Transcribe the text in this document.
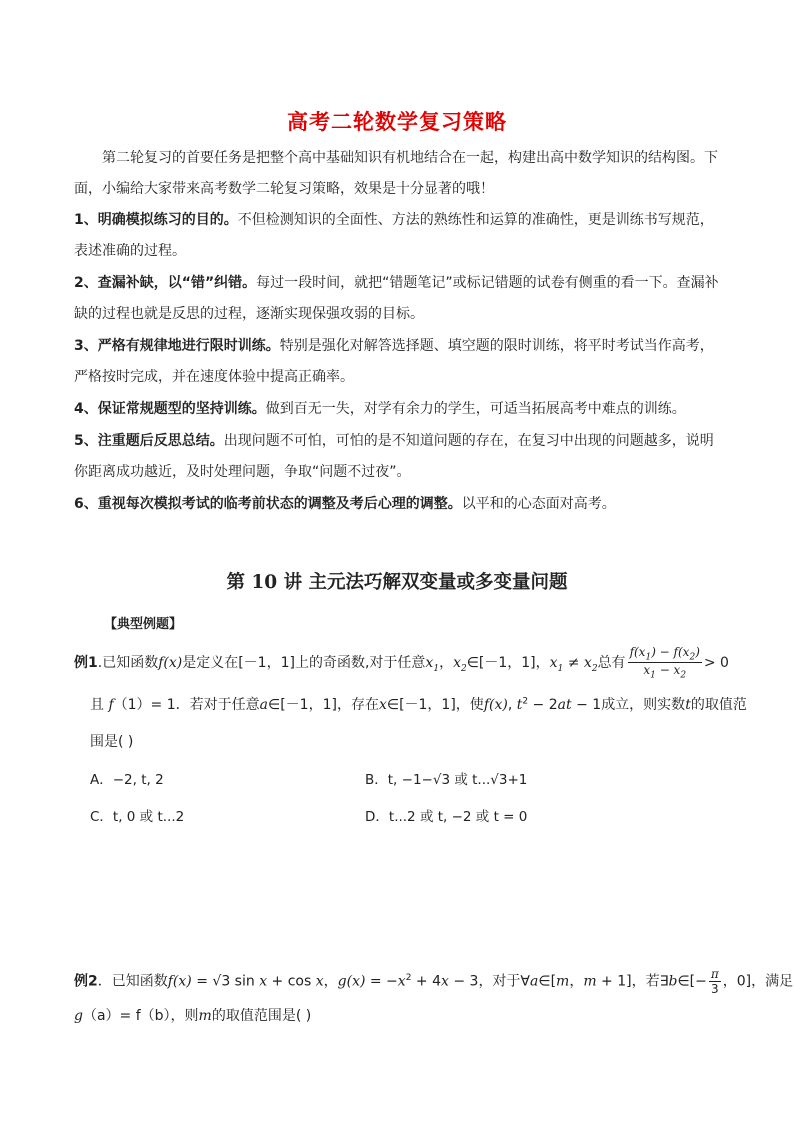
高考二轮数学复习策略
第二轮复习的首要任务是把整个高中基础知识有机地结合在一起，构建出高中数学知识的结构图。下面，小编给大家带来高考数学二轮复习策略，效果是十分显著的哦！
1、明确模拟练习的目的。不但检测知识的全面性、方法的熟练性和运算的准确性，更是训练书写规范，表述准确的过程。
2、查漏补缺，以“错”纠错。每过一段时间，就把“错题笔记”或标记错题的试卷有侧重的看一下。查漏补缺的过程也就是反思的过程，逐渐实现保强攻弱的目标。
3、严格有规律地进行限时训练。特别是强化对解答选择题、填空题的限时训练，将平时考试当作高考，严格按时完成，并在速度体验中提高正确率。
4、保证常规题型的坚持训练。做到百无一失，对学有余力的学生，可适当拓展高考中难点的训练。
5、注重题后反思总结。出现问题不可怕，可怕的是不知道问题的存在，在复习中出现的问题越多，说明你距离成功越近，及时处理问题，争取“问题不过夜”。
6、重视每次模拟考试的临考前状态的调整及考后心理的调整。以平和的心态面对高考。
第 10 讲 主元法巧解双变量或多变量问题
【典型例题】
例1.已知函数f(x)是定义在[－1，1]上的奇函数,对于任意$x_1$，$x_2\in[-1$，1]，$x_1 \ne x_2$总有 $\frac{f(x_1) - f(x_2)}{x_1 - x_2} > 0$
且 f（1）= 1．若对于任意a∈[－1，1]，存在x∈[－1，1]，使f(x), $t^2 - 2at - 1$成立，则实数t的取值范
围是( )
A．−2, t, 2	B．t, −1−√3 或 t...√3+1
C．t, 0 或 t...2	D．t...2 或 t, −2 或 t = 0
例2．已知函数f(x) = √3 sin x + cos x，$g(x) = -x^2 + 4x - 3$，对于∀a∈[m，m + 1]，若∃b∈[− $\frac{\pi}{3}$ ，0]，满足
g（a）= f（b），则m的取值范围是( )
